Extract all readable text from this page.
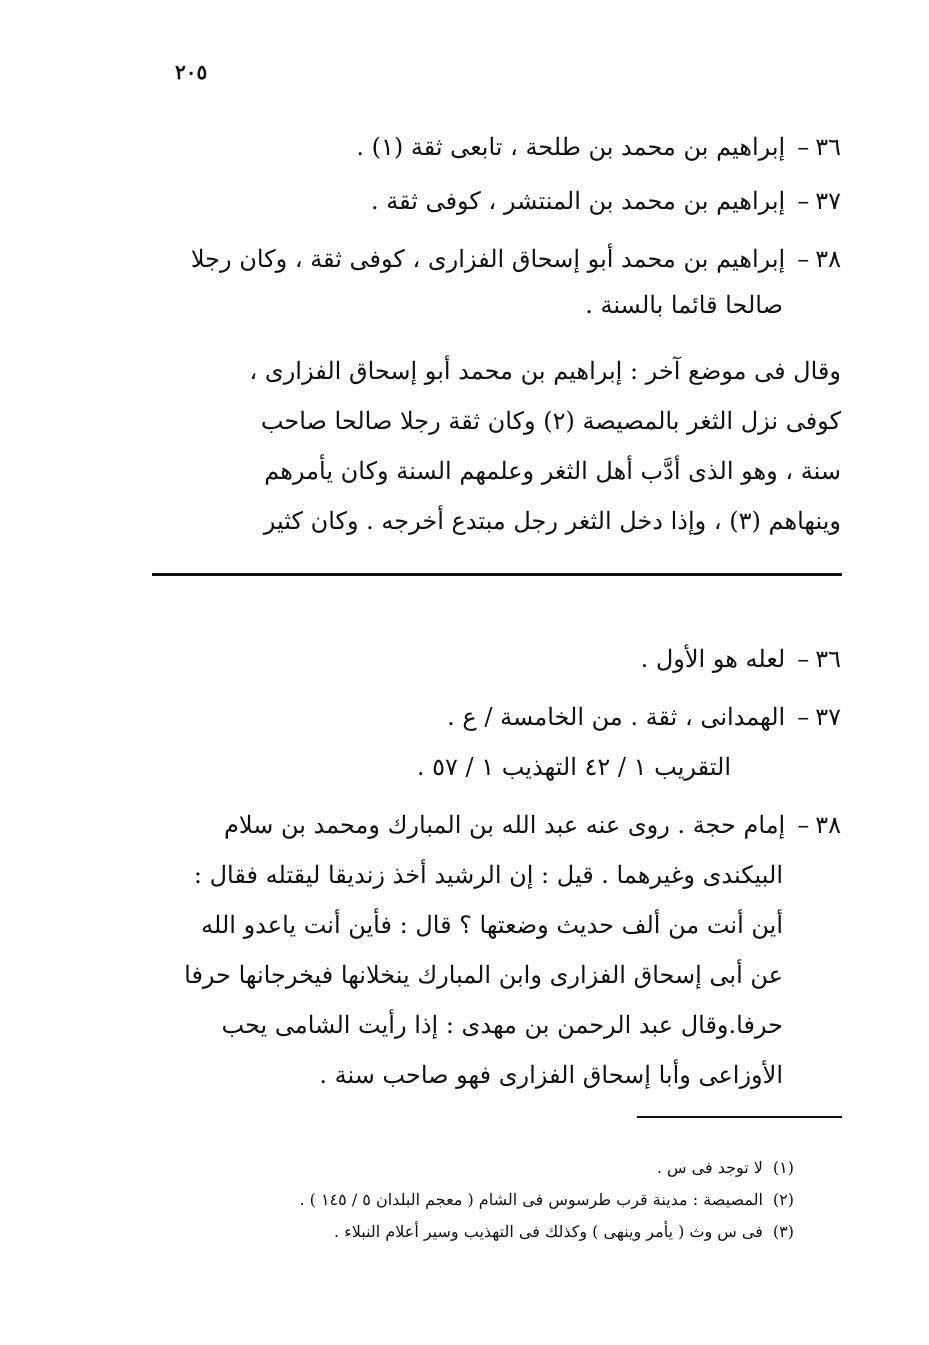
٢٠٥
٣٦–إبراهيم بن محمد بن طلحة ، تابعى ثقة (١) .
٣٧–إبراهيم بن محمد بن المنتشر ، كوفى ثقة .
٣٨–إبراهيم بن محمد أبو إسحاق الفزارى ، كوفى ثقة ، وكان رجلا
صالحا قائما بالسنة .
وقال فى موضع آخر : إبراهيم بن محمد أبو إسحاق الفزارى ،
كوفى نزل الثغر بالمصيصة (٢) وكان ثقة رجلا صالحا صاحب
سنة ، وهو الذى أدَّب أهل الثغر وعلمهم السنة وكان يأمرهم
وينهاهم (٣) ، وإذا دخل الثغر رجل مبتدع أخرجه . وكان كثير
٣٦–لعله هو الأول .
٣٧–الهمدانى ، ثقة . من الخامسة / ع .
التقريب ١ / ٤٢ التهذيب ١ / ٥٧ .
٣٨–إمام حجة . روى عنه عبد الله بن المبارك ومحمد بن سلام
البيكندى وغيرهما . قيل : إن الرشيد أخذ زنديقا ليقتله فقال :
أين أنت من ألف حديث وضعتها ؟ قال : فأين أنت ياعدو الله
عن أبى إسحاق الفزارى وابن المبارك ينخلانها فيخرجانها حرفا
حرفا.وقال عبد الرحمن بن مهدى : إذا رأيت الشامى يحب
الأوزاعى وأبا إسحاق الفزارى فهو صاحب سنة .
(١)لا توجد فى س .
(٢)المصيصة : مدينة قرب طرسوس فى الشام ( معجم البلدان ٥ / ١٤٥ ) .
(٣)فى س وث ( يأمر وينهى ) وكذلك فى التهذيب وسير أعلام النبلاء .
